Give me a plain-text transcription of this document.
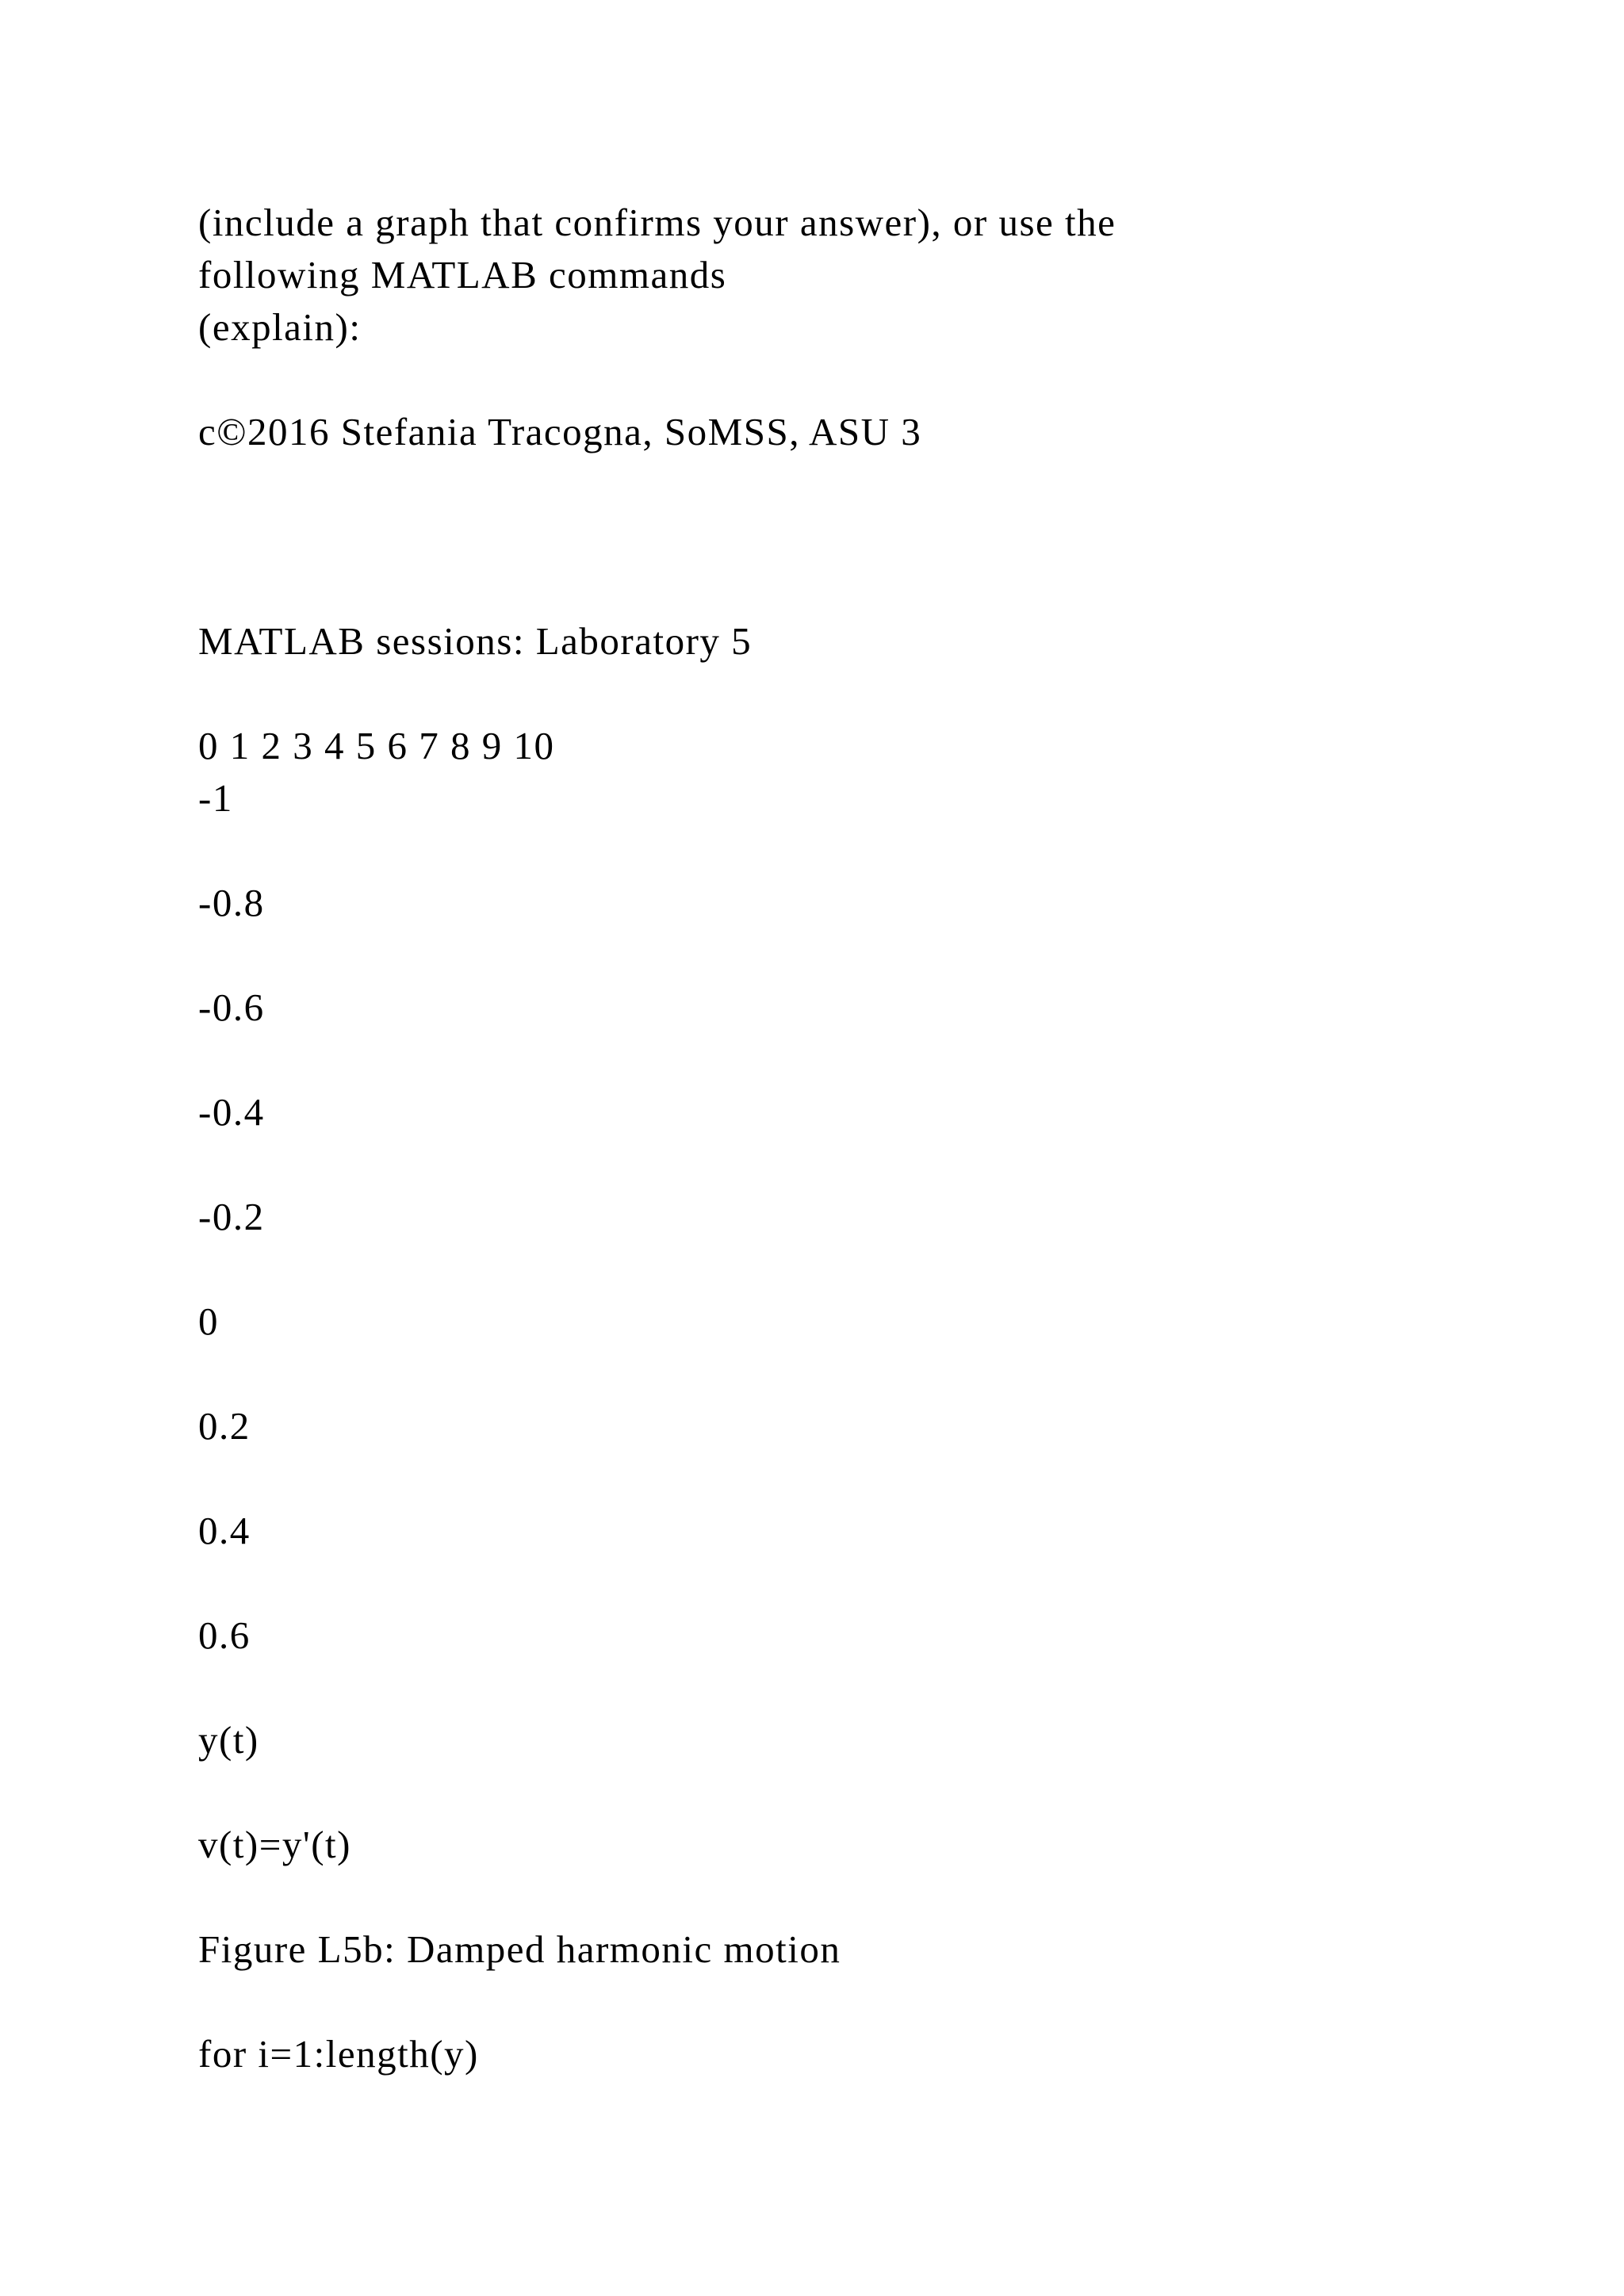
(include a graph that confirms your answer), or use the

following MATLAB commands

(explain):

c©2016 Stefania Tracogna, SoMSS, ASU 3

MATLAB sessions: Laboratory 5

0 1 2 3 4 5 6 7 8 9 10

-1

-0.8

-0.6

-0.4

-0.2

0

0.2

0.4

0.6

y(t)

v(t)=y'(t)

Figure L5b: Damped harmonic motion

for i=1:length(y)
